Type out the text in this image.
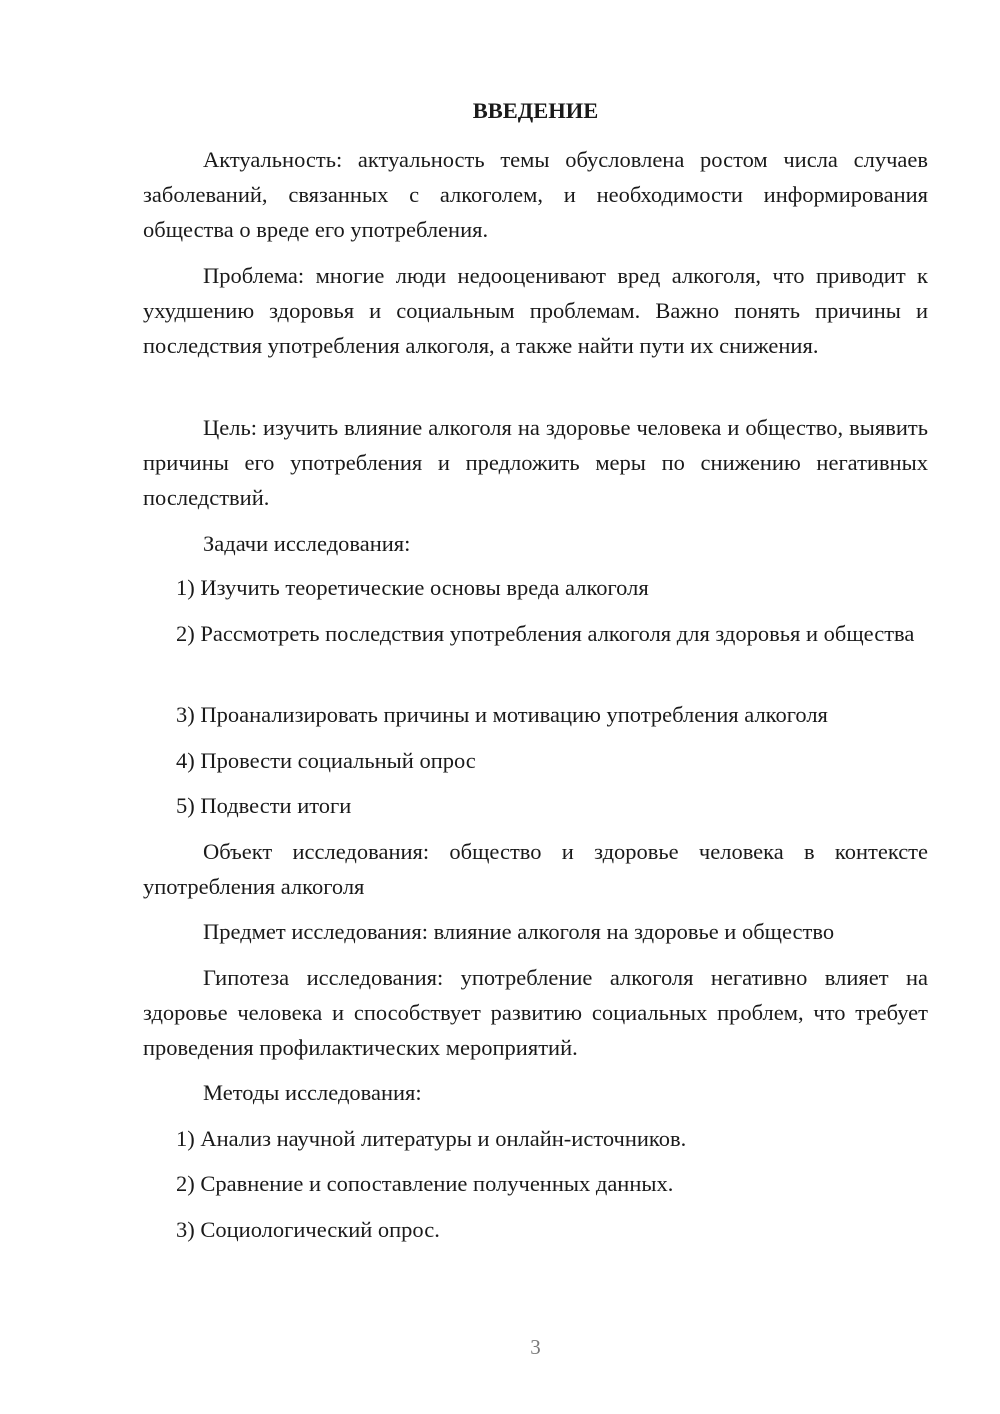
ВВЕДЕНИЕ
Актуальность: актуальность темы обусловлена ростом числа случаев заболеваний, связанных с алкоголем, и необходимости информирования общества о вреде его употребления.
Проблема: многие люди недооценивают вред алкоголя, что приводит к ухудшению здоровья и социальным проблемам. Важно понять причины и последствия употребления алкоголя, а также найти пути их снижения.
Цель: изучить влияние алкоголя на здоровье человека и общество, выявить причины его употребления и предложить меры по снижению негативных последствий.
Задачи исследования:
1) Изучить теоретические основы вреда алкоголя
2) Рассмотреть последствия употребления алкоголя для здоровья и общества
3) Проанализировать причины и мотивацию употребления алкоголя
4) Провести социальный опрос
5) Подвести итоги
Объект исследования: общество и здоровье человека в контексте употребления алкоголя
Предмет исследования: влияние алкоголя на здоровье и общество
Гипотеза исследования: употребление алкоголя негативно влияет на здоровье человека и способствует развитию социальных проблем, что требует проведения профилактических мероприятий.
Методы исследования:
1) Анализ научной литературы и онлайн-источников.
2) Сравнение и сопоставление полученных данных.
3) Социологический опрос.
3
